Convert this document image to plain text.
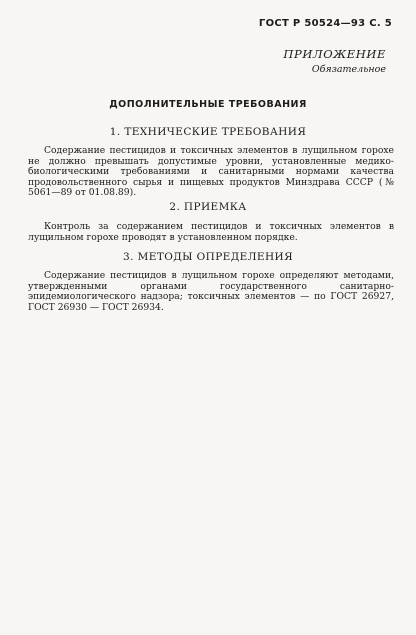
ГОСТ Р 50524—93 С. 5
ПРИЛОЖЕНИЕ
Обязательное
ДОПОЛНИТЕЛЬНЫЕ ТРЕБОВАНИЯ
1. ТЕХНИЧЕСКИЕ ТРЕБОВАНИЯ
Содержание пестицидов и токсичных элементов в лущильном горохе не должно превышать допустимые уровни, установленные медико-биологическими требованиями и санитарными нормами качества продовольственного сырья и пищевых продуктов Минздрава СССР (№ 5061—89 от 01.08.89).
2. ПРИЕМКА
Контроль за содержанием пестицидов и токсичных элементов в лущильном горохе проводят в установленном порядке.
3. МЕТОДЫ ОПРЕДЕЛЕНИЯ
Содержание пестицидов в лущильном горохе определяют методами, утвержденными органами государственного санитарно-эпидемиологического надзора; токсичных элементов — по ГОСТ 26927, ГОСТ 26930 — ГОСТ 26934.
